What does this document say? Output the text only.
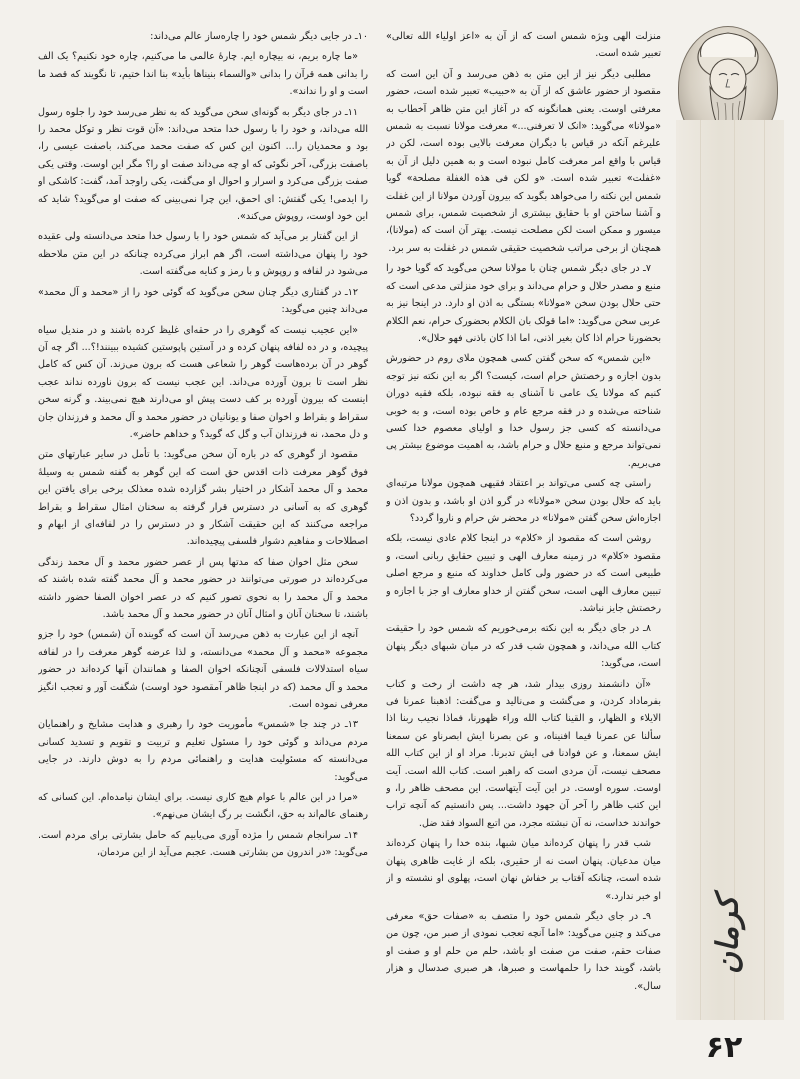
منزلت الهی ویژه شمس است که از آن به «اعز اولیاء الله تعالی» تعبیر شده است.

مطلبی دیگر نیز از این متن به ذهن می‌رسد و آن این است که مقصود از حضور عاشق که از آن به «حبیب» تعبیر شده است، حضور معرفتی اوست. یعنی همانگونه که در آغاز این متن ظاهر آخطاب به «مولانا» می‌گوید: «انک لا تعرفنی...» معرفت مولانا نسبت به شمس علیرغم آنکه در قیاس با دیگران معرفت بالایی بوده است، لکن در قیاس با واقع امر معرفت کامل نبوده است و به همین دلیل از آن به «غفلت» تعبیر شده است. «و لکن فی هذه الغفلة مصلحة» گویا شمس این نکته را می‌خواهد بگوید که بیرون آوردن مولانا از این غفلت و آشنا ساختن او با حقایق بیشتری از شخصیت شمس، برای شمس میسور و ممکن است لکن مصلحت نیست. بهتر آن است که (مولانا)، همچنان از برخی مراتب شخصیت حقیقی شمس در غفلت به سر برد.

۷ـ در جای دیگر شمس چنان با مولانا سخن می‌گوید که گویا خود را منبع و مصدر حلال و حرام می‌داند و برای خود منزلتی مدعی است که حتی حلال بودن سخن «مولانا» بستگی به اذن او دارد. در اینجا نیز به عربی سخن می‌گوید: «اما قولک بان الکلام بحضورک حرام، نعم الکلام بحضورنا حرام اذا کان بغیر اذنی، اما اذا کان باذنی فهو حلال».

«این شمس» که سخن گفتن کسی همچون ملای روم در حضورش بدون اجازه و رخصتش حرام است، کیست؟ اگر به این نکته نیز توجه کنیم که مولانا یک عامی نا آشنای به فقه نبوده، بلکه فقیه دوران شناخته می‌شده و در فقه مرجع عام و خاص بوده است، و به خوبی می‌دانسته که کسی جز رسول خدا و اولیای معصوم خدا کسی نمی‌تواند مرجع و منبع حلال و حرام باشد، به اهمیت موضوع بیشتر پی می‌بریم.

راستی چه کسی می‌تواند بر اعتقاد فقیهی همچون مولانا مرتبه‌ای باید که حلال بودن سخن «مولانا» در گرو اذن او باشد، و بدون اذن و اجازه‌اش سخن گفتن «مولانا» در محضر ش حرام و ناروا گردد؟

روشن است که مقصود از «کلام» در اینجا کلام عادی نیست، بلکه مقصود «کلام» در زمینه معارف الهی و تبیین حقایق ربانی است، و طبیعی است که در حضور ولی کامل خداوند که منبع و مرجع اصلی تبیین معارف الهی است، سخن گفتن از خداو معارف او جز با اجازه و رخصتش جایز نباشد.

۸ـ در جای دیگر به این نکته برمی‌خوریم که شمس خود را حقیقت کتاب الله می‌داند، و همچون شب قدر که در میان شبهای دیگر پنهان است، می‌گوید:

«آن دانشمند روزی بیدار شد، هر چه داشت از رخت و کتاب بفرماداد کردن، و می‌گشت و می‌نالید و می‌گفت: اذهبنا عمرنا فی الایلاء و الظهار، و القینا کتاب الله وراء ظهورنا، فماذا نجیب ربنا اذا سألنا عن عمرنا فیما افنیناه، و عن بصرنا ایش ابصرناو عن سمعنا ایش سمعنا، و عن فوادنا فی ایش تدبرنا. مراد او از این کتاب الله مصحف نیست، آن مردی است که راهبر است. کتاب الله است. آیت اوست. سوره اوست. در این آیت آیتهاست. این مصحف ظاهر را، و این کتب ظاهر را آخر آن جهود داشت... پس دانستیم که آنچه تراب خواندند خداست، نه آن نبشته مجرد، من اتبع السواد فقد ضل.

شب قدر را پنهان کرده‌اند میان شبها، بنده خدا را پنهان کرده‌اند میان مدعیان. پنهان است نه از حقیری، بلکه از غایت ظاهری پنهان شده است، چنانکه آفتاب بر خفاش نهان است، پهلوی او نشسته و از او خبر ندارد.»

۹ـ در جای دیگر شمس خود را متصف به «صفات حق» معرفی می‌کند و چنین می‌گوید: «اما آنچه تعجب نمودی از صبر من، چون من صفات حقم، صفت من صفت او باشد، حلم من حلم او و صفت او باشد، گویند خدا را حلمهاست و صبرها، هر صبری صدسال و هزار سال».

۱۰ـ در جایی دیگر شمس خود را چاره‌ساز عالم می‌داند:

«ما چاره بریم، نه بیچاره ایم. چارۀ عالمی ما می‌کنیم، چاره خود نکنیم؟ یک الف را بدانی همه قرآن را بدانی «والسماء بنیناها بأید» بنا اندا ختیم، تا نگویند که قصد ما است و او را نداند».

۱۱ـ در جای دیگر به گونه‌ای سخن می‌گوید که به نظر می‌رسد خود را جلوه رسول الله می‌داند، و خود را با رسول خدا متحد می‌داند: «آن قوت نظر و توکل محمد را بود و محمدیان را... اکنون این کس که صفت محمد می‌کند، باصفت عیسی را، باصفت بزرگی، آخر نگوئی که او چه می‌داند صفت او را؟ مگر این اوست. وقتی یکی صفت بزرگی می‌کرد و اسرار و احوال او می‌گفت، یکی راوجد آمد، گفت: کاشکی او را ایدمی! یکی گفتش: ای احمق، این چرا نمی‌بینی که صفت او می‌گوید؟ شاید که این خود اوست، روپوش می‌کند».

از این گفتار بر می‌آید که شمس خود را با رسول خدا متحد می‌دانسته ولی عقیده خود را پنهان می‌داشته است، اگر هم ابراز می‌کرده چنانکه در این متن ملاحظه می‌شود در لفافه و روپوش و با رمز و کنایه می‌گفته است.

۱۲ـ در گفتاری دیگر چنان سخن می‌گوید که گوئی خود را از «محمد و آل محمد» می‌داند چنین می‌گوید:

«این عجیب نیست که گوهری را در حقه‌ای غلیظ کرده باشند و در مندیل سیاه پیچیده، و در ده لفافه پنهان کرده و در آستین پاپوستین کشیده ببینند!؟... اگر چه آن گوهر در آن برده‌هاست گوهر را شعاعی هست که برون می‌زند. آن کس که کامل نظر است تا برون آورده می‌داند. این عجب نیست که برون ناورده نداند عجب اینست که بیرون آورده بر کف دست پیش او می‌دارند هیچ نمی‌بیند. و گرنه سخن سقراط و بقراط و اخوان صفا و یونانیان در حضور محمد و آل محمد و فرزندان جان و دل محمد، نه فرزندان آب و گل که گوید؟ و خداهم حاضر».

مقصود از گوهری که در باره آن سخن می‌گوید: با تأمل در سایر عبارتهای متن فوق گوهر معرفت ذات اقدس حق است که این گوهر به گفته شمس به وسیلۀ محمد و آل محمد آشکار در اختیار بشر گزارده شده معذلک برخی برای یافتن این گوهری که به آسانی در دسترس قرار گرفته به سخنان امثال سقراط و بقراط مراجعه می‌کنند که این حقیقت آشکار و در دسترس را در لفافه‌ای از ابهام و اصطلاحات و مفاهیم دشوار فلسفی پیچیده‌اند.

سخن مثل اخوان صفا که مدتها پس از عصر حضور محمد و آل محمد زندگی می‌کرده‌اند در صورتی می‌توانند در حضور محمد و آل محمد گفته شده باشند که محمد و آل محمد را به نحوی تصور کنیم که در عصر اخوان الصفا حضور داشته باشند، تا سخنان آنان و امثال آنان در حضور محمد و آل محمد باشد.

آنچه از این عبارت به ذهن می‌رسد آن است که گوینده آن (شمس) خود را جزو مجموعه «محمد و آل محمد» می‌دانسته، و لذا عرضه گوهر معرفت را در لفافه سیاه استدلالات فلسفی آنچنانکه اخوان الصفا و همانندان آنها کرده‌اند در حضور محمد و آل محمد (که در اینجا ظاهر آمقصود خود اوست) شگفت آور و تعجب انگیز معرفی نموده است.

۱۳ـ در چند جا «شمس» مأموریت خود را رهبری و هدایت مشایخ و راهنمایان مردم می‌داند و گوئی خود را مسئول تعلیم و تربیت و تقویم و تسدید کسانی می‌دانسته که مسئولیت هدایت و راهنمائی مردم را به دوش دارند. در جایی می‌گوید:

«مرا در این عالم با عوام هیچ کاری نیست. برای ایشان نیامده‌ام. این کسانی که رهنمای عالم‌اند به حق، انگشت بر رگ ایشان می‌نهم».

۱۴ـ سرانجام شمس را مژده آوری می‌یابیم که حامل بشارتی برای مردم است. می‌گوید: «در اندرون من بشارتی هست. عجبم می‌آید از این مردمان،

کرمان
۶۲
